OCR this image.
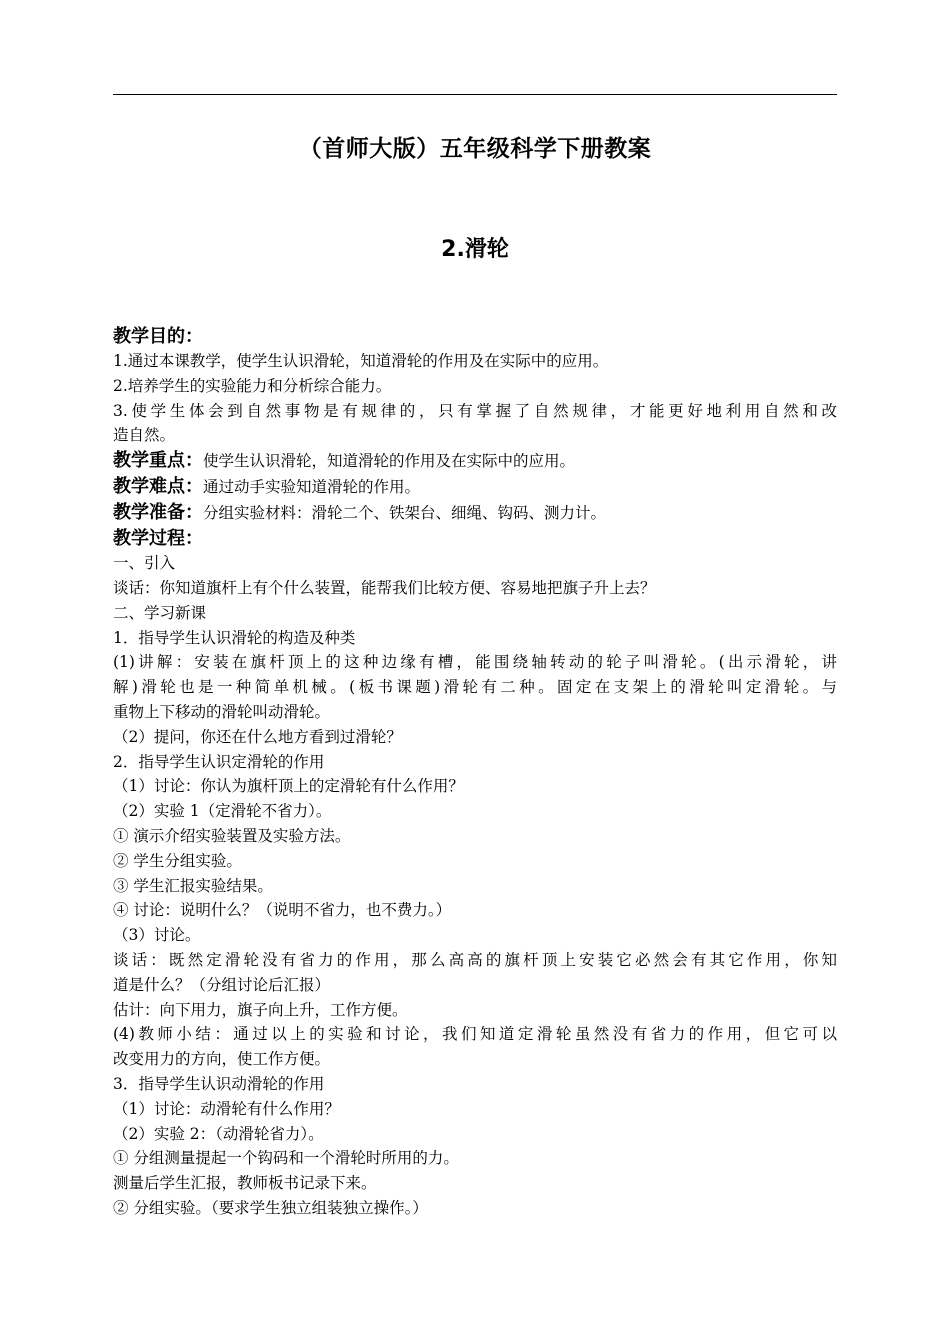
（首师大版）五年级科学下册教案
2.滑轮
教学目的：
1.通过本课教学，使学生认识滑轮，知道滑轮的作用及在实际中的应用。
2.培养学生的实验能力和分析综合能力。
3.使学生体会到自然事物是有规律的，只有掌握了自然规律，才能更好地利用自然和改
造自然。
教学重点：使学生认识滑轮，知道滑轮的作用及在实际中的应用。
教学难点：通过动手实验知道滑轮的作用。
教学准备：分组实验材料：滑轮二个、铁架台、细绳、钩码、测力计。
教学过程：
一、引入
谈话：你知道旗杆上有个什么装置，能帮我们比较方便、容易地把旗子升上去？
二、学习新课
1．指导学生认识滑轮的构造及种类
(1)讲解：安装在旗杆顶上的这种边缘有槽，能围绕轴转动的轮子叫滑轮。(出示滑轮，讲
解)滑轮也是一种简单机械。(板书课题)滑轮有二种。固定在支架上的滑轮叫定滑轮。与
重物上下移动的滑轮叫动滑轮。
（2）提问，你还在什么地方看到过滑轮？
2．指导学生认识定滑轮的作用
（1）讨论：你认为旗杆顶上的定滑轮有什么作用？
（2）实验 1（定滑轮不省力）。
① 演示介绍实验装置及实验方法。
② 学生分组实验。
③ 学生汇报实验结果。
④ 讨论：说明什么？（说明不省力，也不费力。）
（3）讨论。
谈话：既然定滑轮没有省力的作用，那么高高的旗杆顶上安装它必然会有其它作用，你知
道是什么？（分组讨论后汇报）
估计：向下用力，旗子向上升，工作方便。
(4)教师小结：通过以上的实验和讨论，我们知道定滑轮虽然没有省力的作用，但它可以
改变用力的方向，使工作方便。
3．指导学生认识动滑轮的作用
（1）讨论：动滑轮有什么作用？
（2）实验 2：（动滑轮省力）。
① 分组测量提起一个钩码和一个滑轮时所用的力。
测量后学生汇报，教师板书记录下来。
② 分组实验。（要求学生独立组装独立操作。）
